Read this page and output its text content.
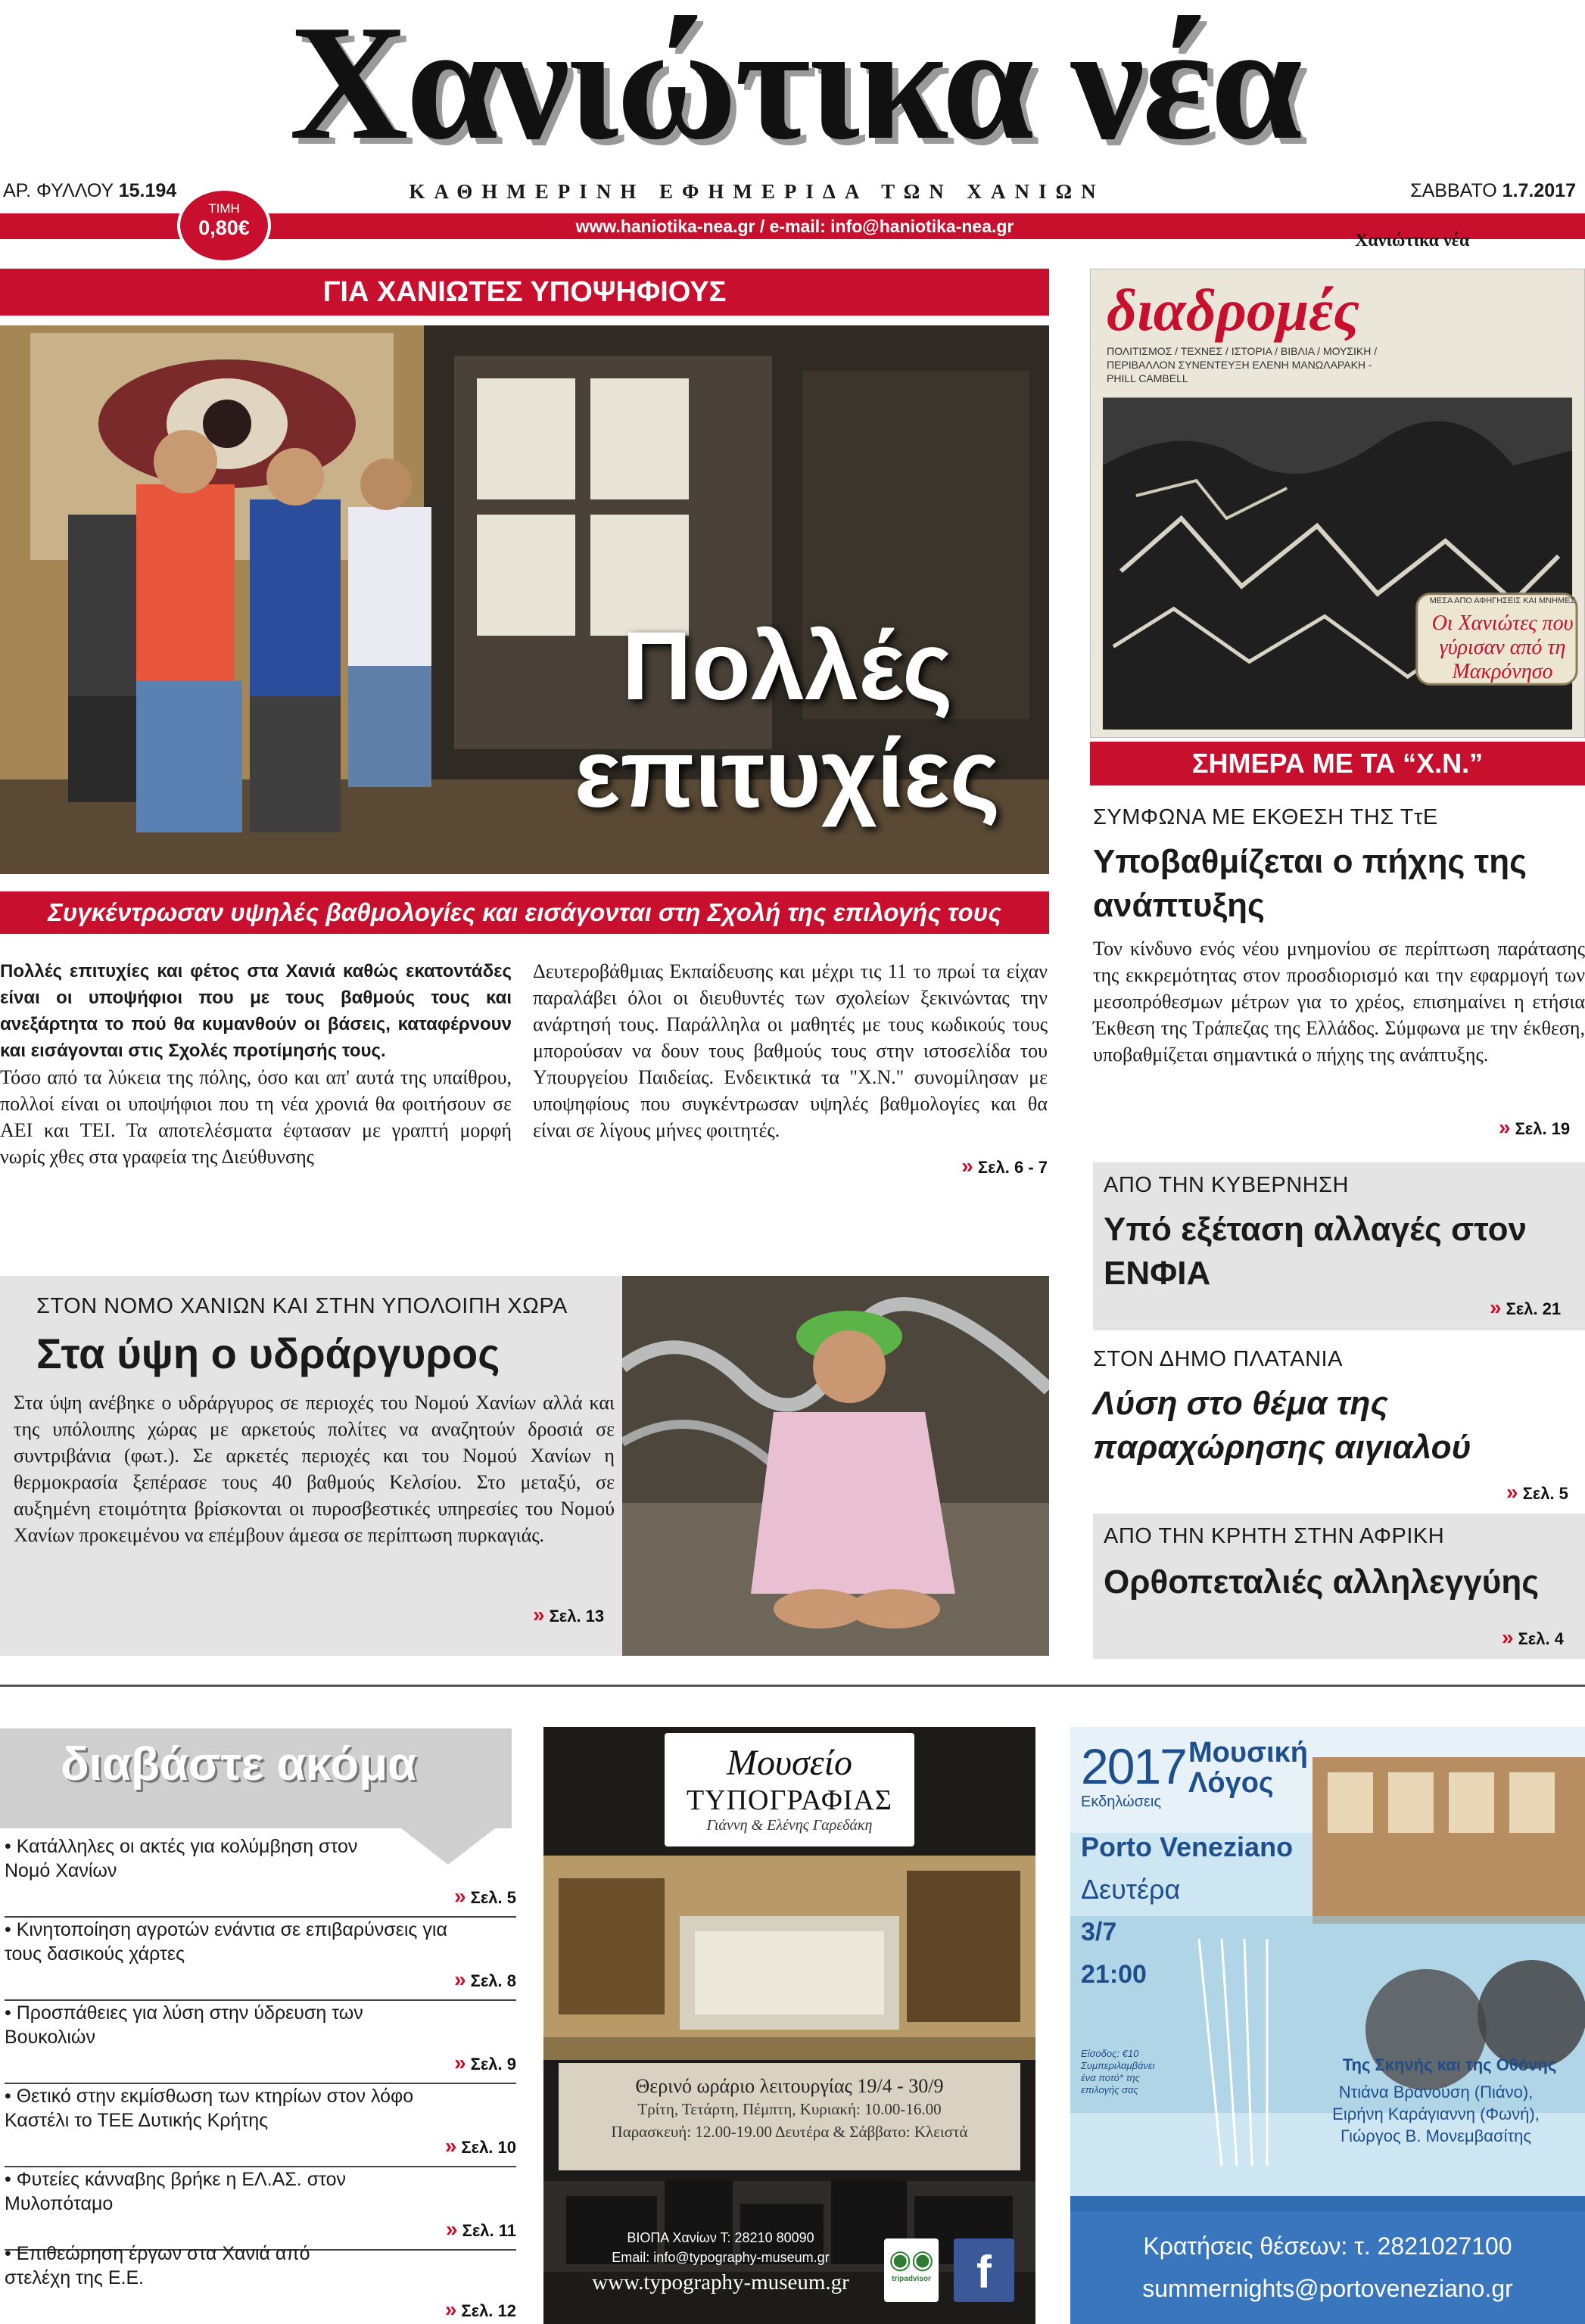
Χανιώτικα νέα
ΑΡ. ΦΥΛΛΟΥ 15.194	ΚΑΘΗΜΕΡΙΝΗ ΕΦΗΜΕΡΙΔΑ ΤΩΝ ΧΑΝΙΩΝ	ΣΑΒΒΑΤΟ 1.7.2017
www.haniotika-nea.gr / e-mail: info@haniotika-nea.gr
ΤΙΜΗ
0,80€
ΓΙΑ ΧΑΝΙΩΤΕΣ ΥΠΟΨΗΦΙΟΥΣ
Πολλές
επιτυχίες
Συγκέντρωσαν υψηλές βαθμολογίες και εισάγονται στη Σχολή της επιλογής τους

Πολλές επιτυχίες και φέτος στα Χανιά καθώς εκατοντάδες είναι οι υποψήφιοι που με τους βαθμούς τους και ανεξάρτητα το πού θα κυμανθούν οι βάσεις, καταφέρνουν και εισάγονται στις Σχολές προτίμησής τους.

Τόσο από τα λύκεια της πόλης, όσο και απ' αυτά της υπαίθρου, πολλοί είναι οι υποψήφιοι που τη νέα χρονιά θα φοιτήσουν σε ΑΕΙ και ΤΕΙ. Τα αποτελέσματα έφτασαν με γραπτή μορφή νωρίς χθες στα γραφεία της Διεύθυνσης

Δευτεροβάθμιας Εκπαίδευσης και μέχρι τις 11 το πρωί τα είχαν παραλάβει όλοι οι διευθυντές των σχολείων ξεκινώντας την ανάρτησή τους. Παράλληλα οι μαθητές με τους κωδικούς τους μπορούσαν να δουν τους βαθμούς τους στην ιστοσελίδα του Υπουργείου Παιδείας. Ενδεικτικά τα "Χ.Ν." συνομίλησαν με υποψηφίους που συγκέντρωσαν υψηλές βαθμολογίες και θα είναι σε λίγους μήνες φοιτητές.

» Σελ. 6 - 7

Χανιώτικα νέα
διαδρομές
ΠΟΛΙΤΙΣΜΟΣ / ΤΕΧΝΕΣ / ΙΣΤΟΡΙΑ / ΒΙΒΛΙΑ / ΜΟΥΣΙΚΗ / ΠΕΡΙΒΑΛΛΟΝ ΣΥΝΕΝΤΕΥΞΗ ΕΛΕΝΗ ΜΑΝΩΛΑΡΑΚΗ - PHILL CAMBELL
ΜΕΣΑ ΑΠΟ ΑΦΗΓΗΣΕΙΣ ΚΑΙ ΜΝΗΜΕΣ
Οι Χανιώτες που γύρισαν από τη Μακρόνησο
ΣΗΜΕΡΑ ΜΕ ΤΑ “Χ.Ν.”
ΣΥΜΦΩΝΑ ΜΕ ΕΚΘΕΣΗ ΤΗΣ ΤτΕ
Υποβαθμίζεται ο πήχης της ανάπτυξης
Τον κίνδυνο ενός νέου μνημονίου σε περίπτωση παράτασης της εκκρεμότητας στον προσδιορισμό και την εφαρμογή των μεσοπρόθεσμων μέτρων για το χρέος, επισημαίνει η ετήσια Έκθεση της Τράπεζας της Ελλάδος. Σύμφωνα με την έκθεση, υποβαθμίζεται σημαντικά ο πήχης της ανάπτυξης.
» Σελ. 19
ΑΠΟ ΤΗΝ ΚΥΒΕΡΝΗΣΗ
Υπό εξέταση αλλαγές στον ΕΝΦΙΑ
» Σελ. 21
ΣΤΟΝ ΔΗΜΟ ΠΛΑΤΑΝΙΑ
Λύση στο θέμα της παραχώρησης αιγιαλού
» Σελ. 5
ΑΠΟ ΤΗΝ ΚΡΗΤΗ ΣΤΗΝ ΑΦΡΙΚΗ
Ορθοπεταλιές αλληλεγγύης
» Σελ. 4
ΣΤΟΝ ΝΟΜΟ ΧΑΝΙΩΝ ΚΑΙ ΣΤΗΝ ΥΠΟΛΟΙΠΗ ΧΩΡΑ
Στα ύψη ο υδράργυρος
Στα ύψη ανέβηκε ο υδράργυρος σε περιοχές του Νομού Χανίων αλλά και της υπόλοιπης χώρας με αρκετούς πολίτες να αναζητούν δροσιά σε συντριβάνια (φωτ.). Σε αρκετές περιοχές και του Νομού Χανίων η θερμοκρασία ξεπέρασε τους 40 βαθμούς Κελσίου. Στο μεταξύ, σε αυξημένη ετοιμότητα βρίσκονται οι πυροσβεστικές υπηρεσίες του Νομού Χανίων προκειμένου να επέμβουν άμεσα σε περίπτωση πυρκαγιάς.
» Σελ. 13
διαβάστε ακόμα
• Κατάλληλες οι ακτές για κολύμβηση στον Νομό Χανίων
» Σελ. 5
• Κινητοποίηση αγροτών ενάντια σε επιβαρύνσεις για τους δασικούς χάρτες
» Σελ. 8
• Προσπάθειες για λύση στην ύδρευση των Βουκολιών
» Σελ. 9
• Θετικό στην εκμίσθωση των κτηρίων στον λόφο Καστέλι το ΤΕΕ Δυτικής Κρήτης
» Σελ. 10
• Φυτείες κάνναβης βρήκε η ΕΛ.ΑΣ. στον Μυλοπόταμο
» Σελ. 11
• Επιθεώρηση έργων στα Χανιά από στελέχη της Ε.Ε.
» Σελ. 12
Μουσείο
ΤΥΠΟΓΡΑΦΙΑΣ
Γιάννη & Ελένης Γαρεδάκη
Θερινό ωράριο λειτουργίας 19/4 - 30/9
Τρίτη, Τετάρτη, Πέμπτη, Κυριακή: 10.00-16.00
Παρασκευή: 12.00-19.00 Δευτέρα & Σάββατο: Κλειστά
ΒΙΟΠΑ Χανίων Τ: 28210 80090
Email: info@typography-museum.gr
www.typography-museum.gr
◉◉
tripadvisor	f
2017 Μουσική Λόγος
Εκδηλώσεις
Porto Veneziano
Δευτέρα
3/7
21:00
Είσοδος: €10 Συμπεριλαμβάνει ένα ποτό* της επιλογής σας
Της Σκηνής και της Οθόνης
Ντιάνα Βρανούση (Πιάνο),
Ειρήνη Καράγιαννη (Φωνή),
Γιώργος Β. Μονεμβασίτης
Κρατήσεις θέσεων: τ. 2821027100
summernights@portoveneziano.gr
